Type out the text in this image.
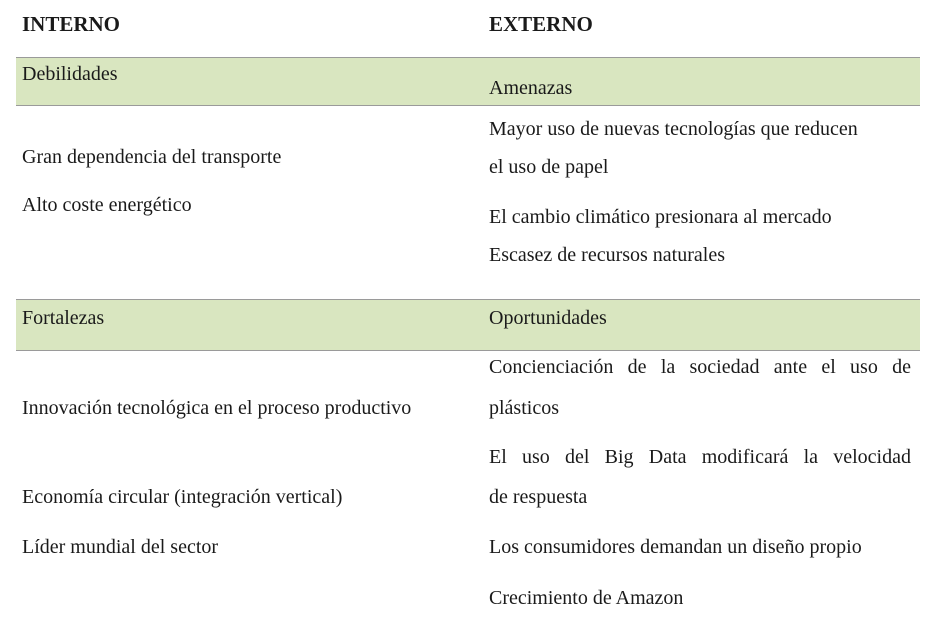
INTERNO	EXTERNO
Debilidades
Amenazas
Gran dependencia del transporte
Alto coste energético
Mayor uso de nuevas tecnologías que reducen
el uso de papel
El cambio climático presionara al mercado
Escasez de recursos naturales
Fortalezas	Oportunidades
Innovación tecnológica en el proceso productivo
Economía circular (integración vertical)
Líder mundial del sector
Concienciación de la sociedad ante el uso de
plásticos
El uso del Big Data modificará la velocidad
de respuesta
Los consumidores demandan un diseño propio
Crecimiento de Amazon
